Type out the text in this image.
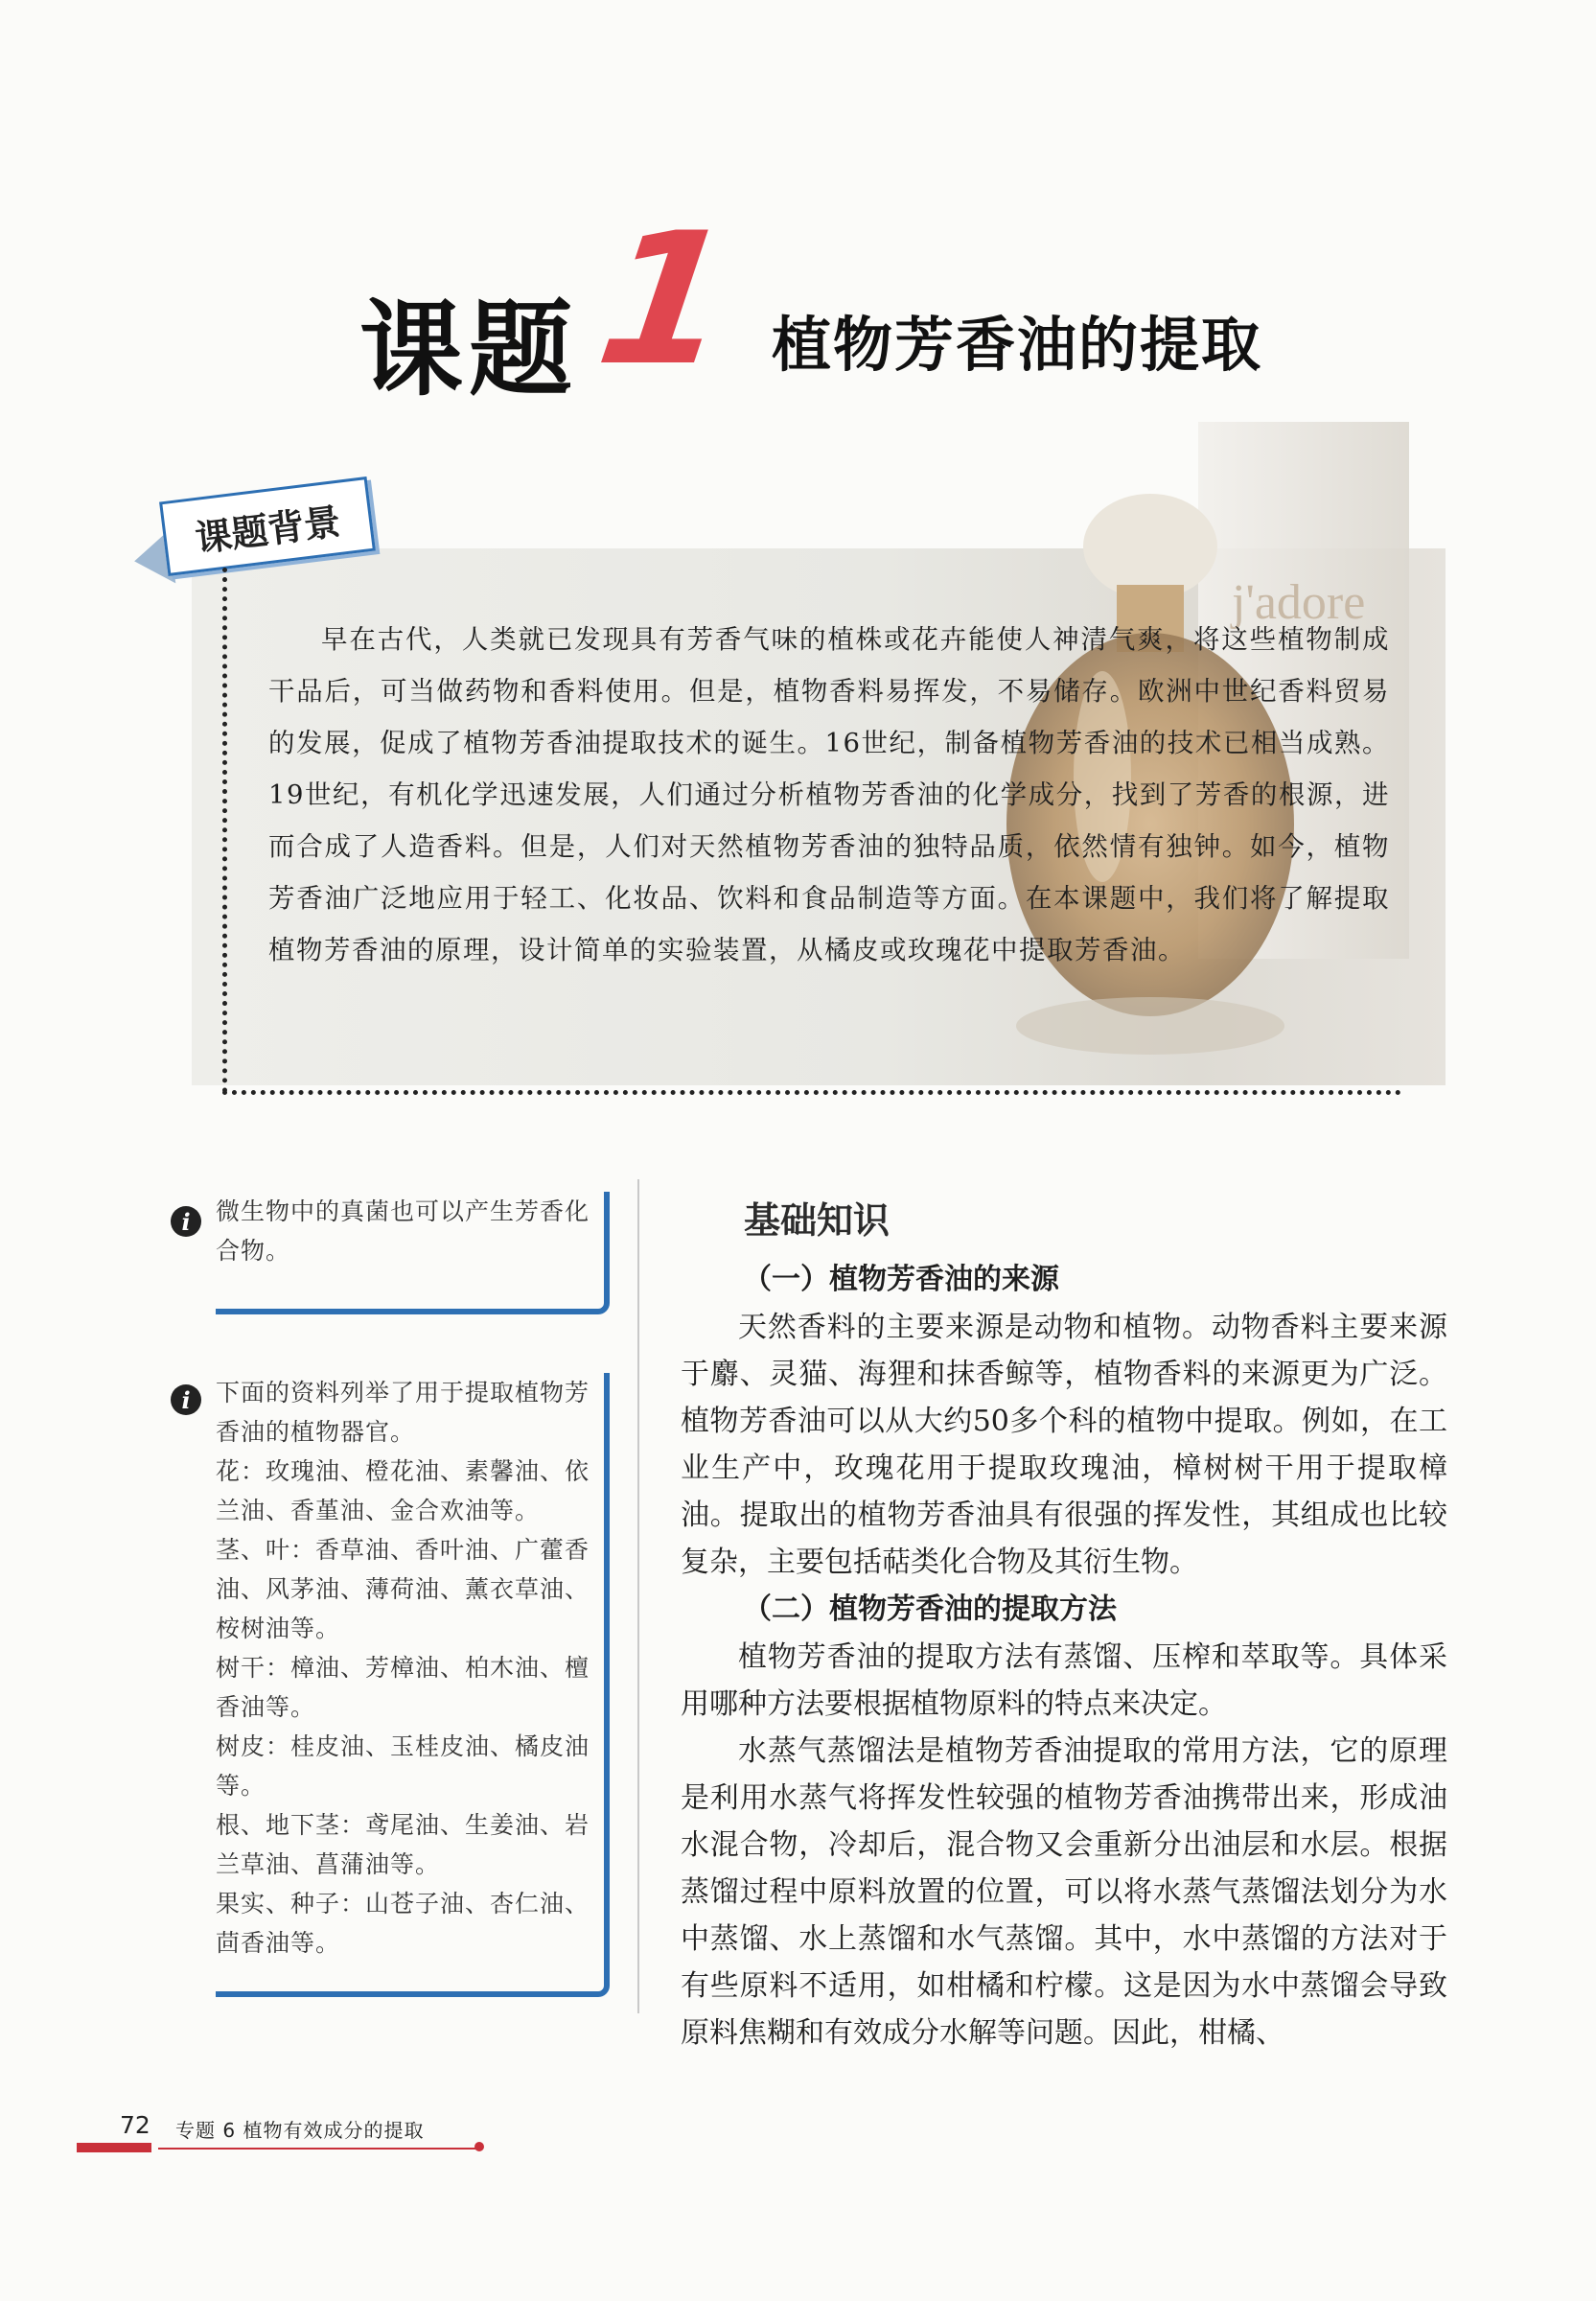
课题 1 植物芳香油的提取
j'adore
课题背景

早在古代，人类就已发现具有芳香气味的植株或花卉能使人神清气爽，将这些植物制成干品后，可当做药物和香料使用。但是，植物香料易挥发，不易储存。欧洲中世纪香料贸易的发展，促成了植物芳香油提取技术的诞生。16世纪，制备植物芳香油的技术已相当成熟。19世纪，有机化学迅速发展，人们通过分析植物芳香油的化学成分，找到了芳香的根源，进而合成了人造香料。但是，人们对天然植物芳香油的独特品质，依然情有独钟。如今，植物芳香油广泛地应用于轻工、化妆品、饮料和食品制造等方面。在本课题中，我们将了解提取植物芳香油的原理，设计简单的实验装置，从橘皮或玫瑰花中提取芳香油。

i	微生物中的真菌也可以产生芳香化合物。

i	下面的资料列举了用于提取植物芳香油的植物器官。

花：玫瑰油、橙花油、素馨油、依兰油、香堇油、金合欢油等。

茎、叶：香草油、香叶油、广藿香油、风茅油、薄荷油、薰衣草油、桉树油等。

树干：樟油、芳樟油、柏木油、檀香油等。

树皮：桂皮油、玉桂皮油、橘皮油等。

根、地下茎：鸢尾油、生姜油、岩兰草油、菖蒲油等。

果实、种子：山苍子油、杏仁油、茴香油等。

基础知识

（一）植物芳香油的来源

天然香料的主要来源是动物和植物。动物香料主要来源于麝、灵猫、海狸和抹香鲸等，植物香料的来源更为广泛。植物芳香油可以从大约50多个科的植物中提取。例如，在工业生产中，玫瑰花用于提取玫瑰油，樟树树干用于提取樟油。提取出的植物芳香油具有很强的挥发性，其组成也比较复杂，主要包括萜类化合物及其衍生物。

（二）植物芳香油的提取方法

植物芳香油的提取方法有蒸馏、压榨和萃取等。具体采用哪种方法要根据植物原料的特点来决定。

水蒸气蒸馏法是植物芳香油提取的常用方法，它的原理是利用水蒸气将挥发性较强的植物芳香油携带出来，形成油水混合物，冷却后，混合物又会重新分出油层和水层。根据蒸馏过程中原料放置的位置，可以将水蒸气蒸馏法划分为水中蒸馏、水上蒸馏和水气蒸馏。其中，水中蒸馏的方法对于有些原料不适用，如柑橘和柠檬。这是因为水中蒸馏会导致原料焦糊和有效成分水解等问题。因此，柑橘、

72 专题 6 植物有效成分的提取
